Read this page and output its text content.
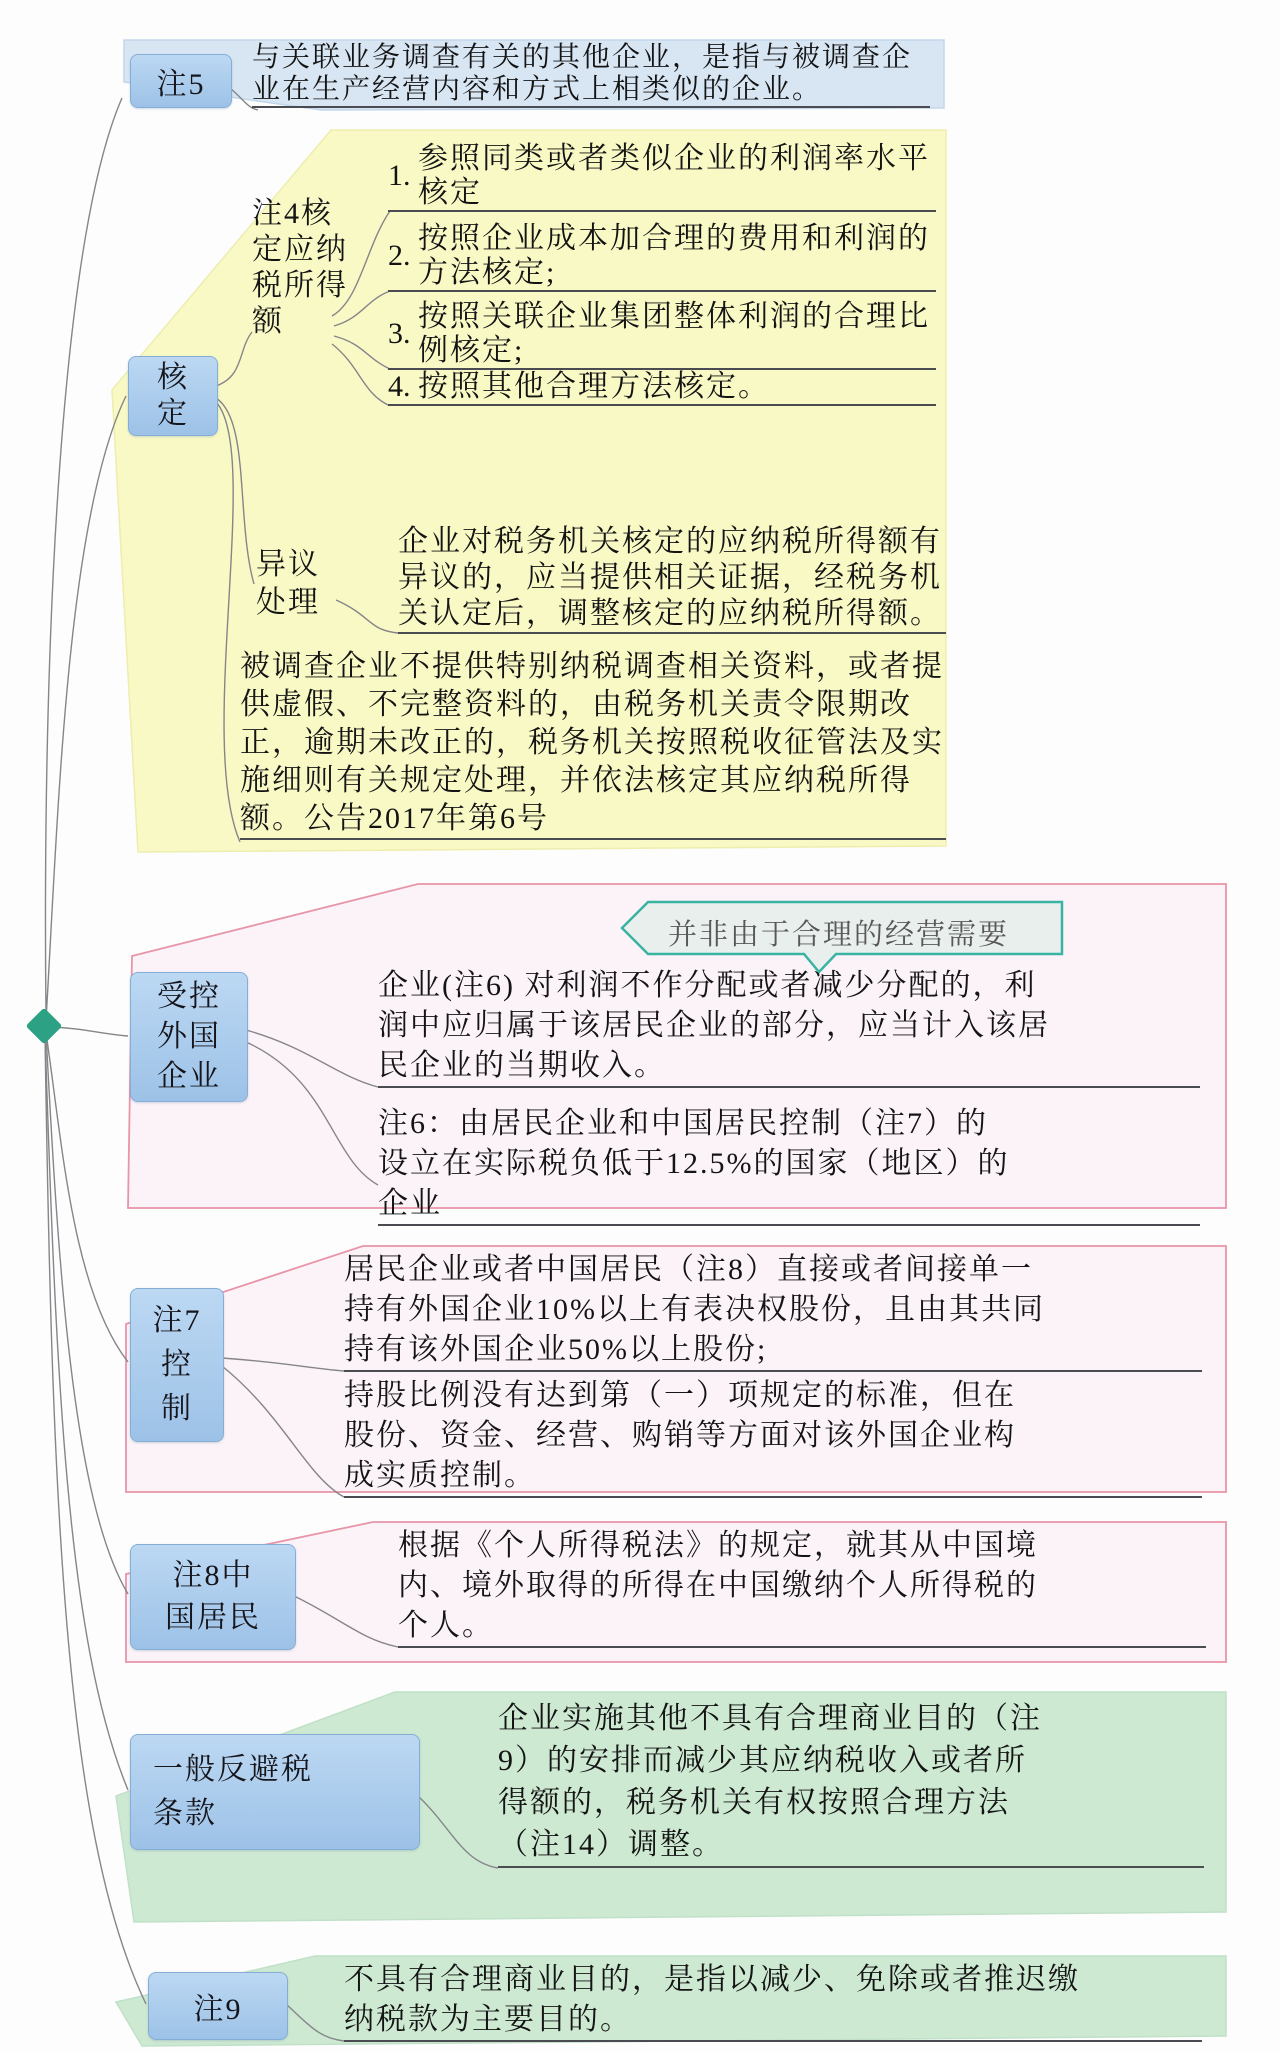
注5
与关联业务调查有关的其他企业，是指与被调查企业在生产经营内容和方式上相类似的企业。
核定
注4核定应纳税所得额
1.
参照同类或者类似企业的利润率水平核定
2.
按照企业成本加合理的费用和利润的方法核定;
3.
按照关联企业集团整体利润的合理比例核定;
4. 按照其他合理方法核定。
异议处理
企业对税务机关核定的应纳税所得额有异议的，应当提供相关证据，经税务机关认定后，调整核定的应纳税所得额。
被调查企业不提供特别纳税调查相关资料，或者提供虚假、不完整资料的，由税务机关责令限期改正，逾期未改正的，税务机关按照税收征管法及实施细则有关规定处理，并依法核定其应纳税所得额。公告2017年第6号
并非由于合理的经营需要
受控外国企业
企业(注6) 对利润不作分配或者减少分配的，利润中应归属于该居民企业的部分，应当计入该居民企业的当期收入。
注6：由居民企业和中国居民控制（注7）的设立在实际税负低于12.5%的国家（地区）的企业
注7控制
居民企业或者中国居民（注8）直接或者间接单一持有外国企业10%以上有表决权股份，且由其共同持有该外国企业50%以上股份;
持股比例没有达到第（一）项规定的标准，但在股份、资金、经营、购销等方面对该外国企业构成实质控制。
注8中国居民
根据《个人所得税法》的规定，就其从中国境内、境外取得的所得在中国缴纳个人所得税的个人。
一般反避税条款
企业实施其他不具有合理商业目的（注9）的安排而减少其应纳税收入或者所得额的，税务机关有权按照合理方法（注14）调整。
注9
不具有合理商业目的，是指以减少、免除或者推迟缴纳税款为主要目的。
